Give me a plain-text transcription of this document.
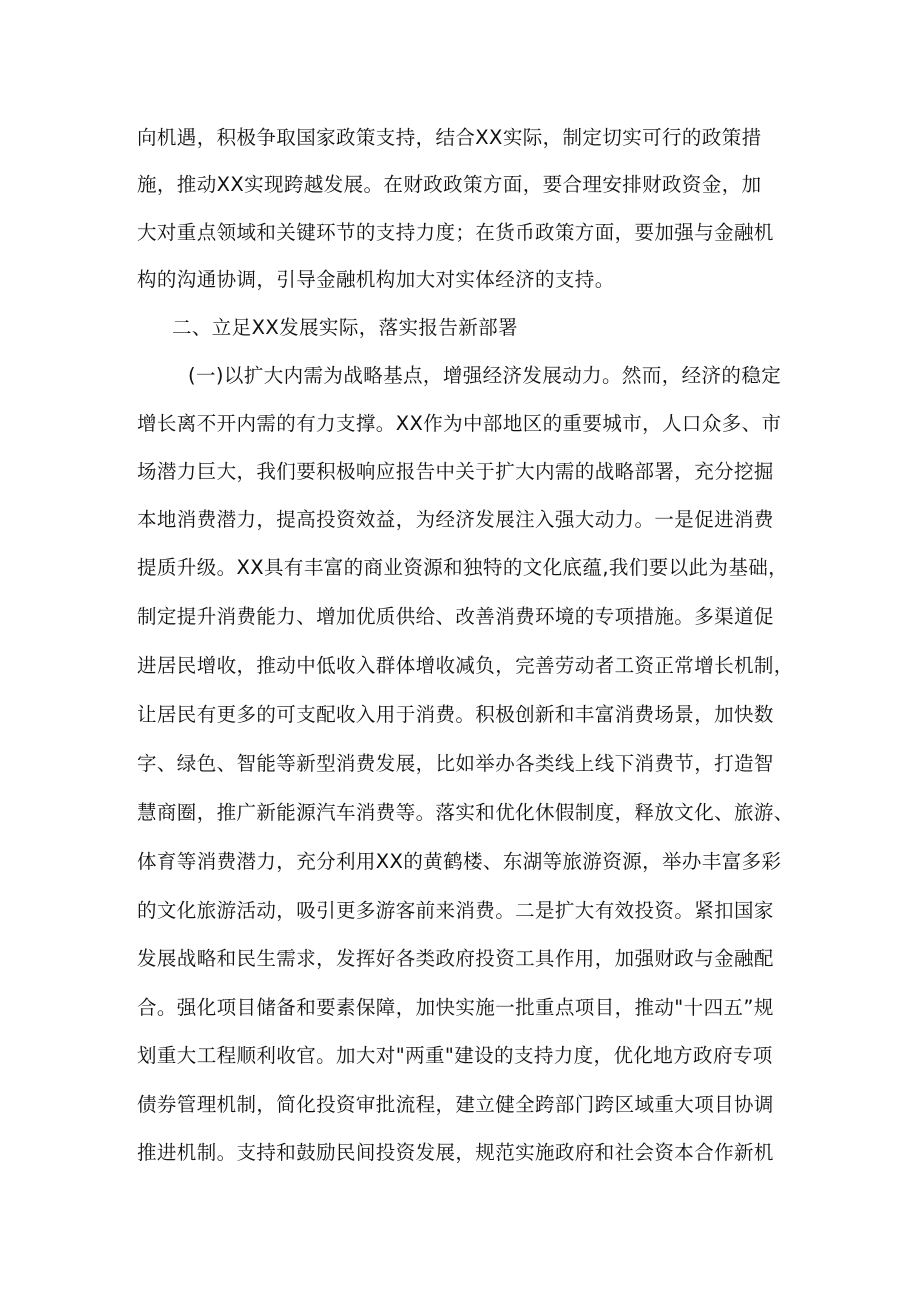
向机遇，积极争取国家政策支持，结合XX实际，制定切实可行的政策措
施，推动XX实现跨越发展。在财政政策方面，要合理安排财政资金，加
大对重点领域和关键环节的支持力度；在货币政策方面，要加强与金融机
构的沟通协调，引导金融机构加大对实体经济的支持。
二、立足XX发展实际，落实报告新部署
(一)以扩大内需为战略基点，增强经济发展动力。然而，经济的稳定
增长离不开内需的有力支撑。XX作为中部地区的重要城市，人口众多、市
场潜力巨大，我们要积极响应报告中关于扩大内需的战略部署，充分挖掘
本地消费潜力，提高投资效益，为经济发展注入强大动力。一是促进消费
提质升级。XX具有丰富的商业资源和独特的文化底蕴,我们要以此为基础，
制定提升消费能力、增加优质供给、改善消费环境的专项措施。多渠道促
进居民增收，推动中低收入群体增收减负，完善劳动者工资正常增长机制，
让居民有更多的可支配收入用于消费。积极创新和丰富消费场景，加快数
字、绿色、智能等新型消费发展，比如举办各类线上线下消费节，打造智
慧商圈，推广新能源汽车消费等。落实和优化休假制度，释放文化、旅游、
体育等消费潜力，充分利用XX的黄鹤楼、东湖等旅游资源，举办丰富多彩
的文化旅游活动，吸引更多游客前来消费。二是扩大有效投资。紧扣国家
发展战略和民生需求，发挥好各类政府投资工具作用，加强财政与金融配
合。强化项目储备和要素保障，加快实施一批重点项目，推动"十四五”规
划重大工程顺利收官。加大对"两重"建设的支持力度，优化地方政府专项
债券管理机制，简化投资审批流程，建立健全跨部门跨区域重大项目协调
推进机制。支持和鼓励民间投资发展，规范实施政府和社会资本合作新机
